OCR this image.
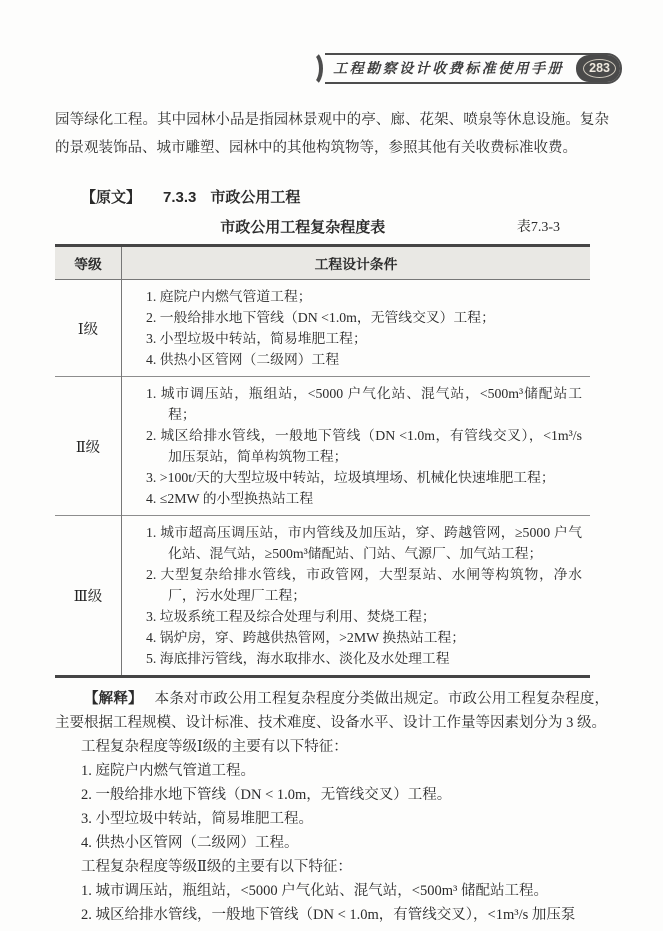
工程勘察设计收费标准使用手册	283

园等绿化工程。其中园林小品是指园林景观中的亭、廊、花架、喷泉等休息设施。复杂的景观装饰品、城市雕塑、园林中的其他构筑物等，参照其他有关收费标准收费。

【原文】 7.3.3 市政公用工程
市政公用工程复杂程度表	表7.3-3
等级	工程设计条件
Ⅰ级	1. 庭院户内燃气管道工程；
2. 一般给排水地下管线（DN <1.0m，无管线交叉）工程；
3. 小型垃圾中转站，简易堆肥工程；
4. 供热小区管网（二级网）工程

Ⅱ级	1. 城市调压站，瓶组站，<5000 户气化站、混气站，<500m³储配站工程；
2. 城区给排水管线，一般地下管线（DN <1.0m，有管线交叉），<1m³/s 加压泵站，简单构筑物工程；
3. >100t/天的大型垃圾中转站，垃圾填埋场、机械化快速堆肥工程；
4. ≤2MW 的小型换热站工程

Ⅲ级	1. 城市超高压调压站，市内管线及加压站，穿、跨越管网，≥5000 户气化站、混气站，≥500m³储配站、门站、气源厂、加气站工程；
2. 大型复杂给排水管线，市政管网，大型泵站、水闸等构筑物，净水厂，污水处理厂工程；
3. 垃圾系统工程及综合处理与利用、焚烧工程；
4. 锅炉房，穿、跨越供热管网，>2MW 换热站工程；
5. 海底排污管线，海水取排水、淡化及水处理工程

【解释】 本条对市政公用工程复杂程度分类做出规定。市政公用工程复杂程度，主要根据工程规模、设计标准、技术难度、设备水平、设计工作量等因素划分为 3 级。

工程复杂程度等级Ⅰ级的主要有以下特征：
1. 庭院户内燃气管道工程。
2. 一般给排水地下管线（DN < 1.0m，无管线交叉）工程。
3. 小型垃圾中转站，简易堆肥工程。
4. 供热小区管网（二级网）工程。
工程复杂程度等级Ⅱ级的主要有以下特征：
1. 城市调压站，瓶组站，<5000 户气化站、混气站，<500m³ 储配站工程。
2. 城区给排水管线，一般地下管线（DN < 1.0m，有管线交叉），<1m³/s 加压泵
